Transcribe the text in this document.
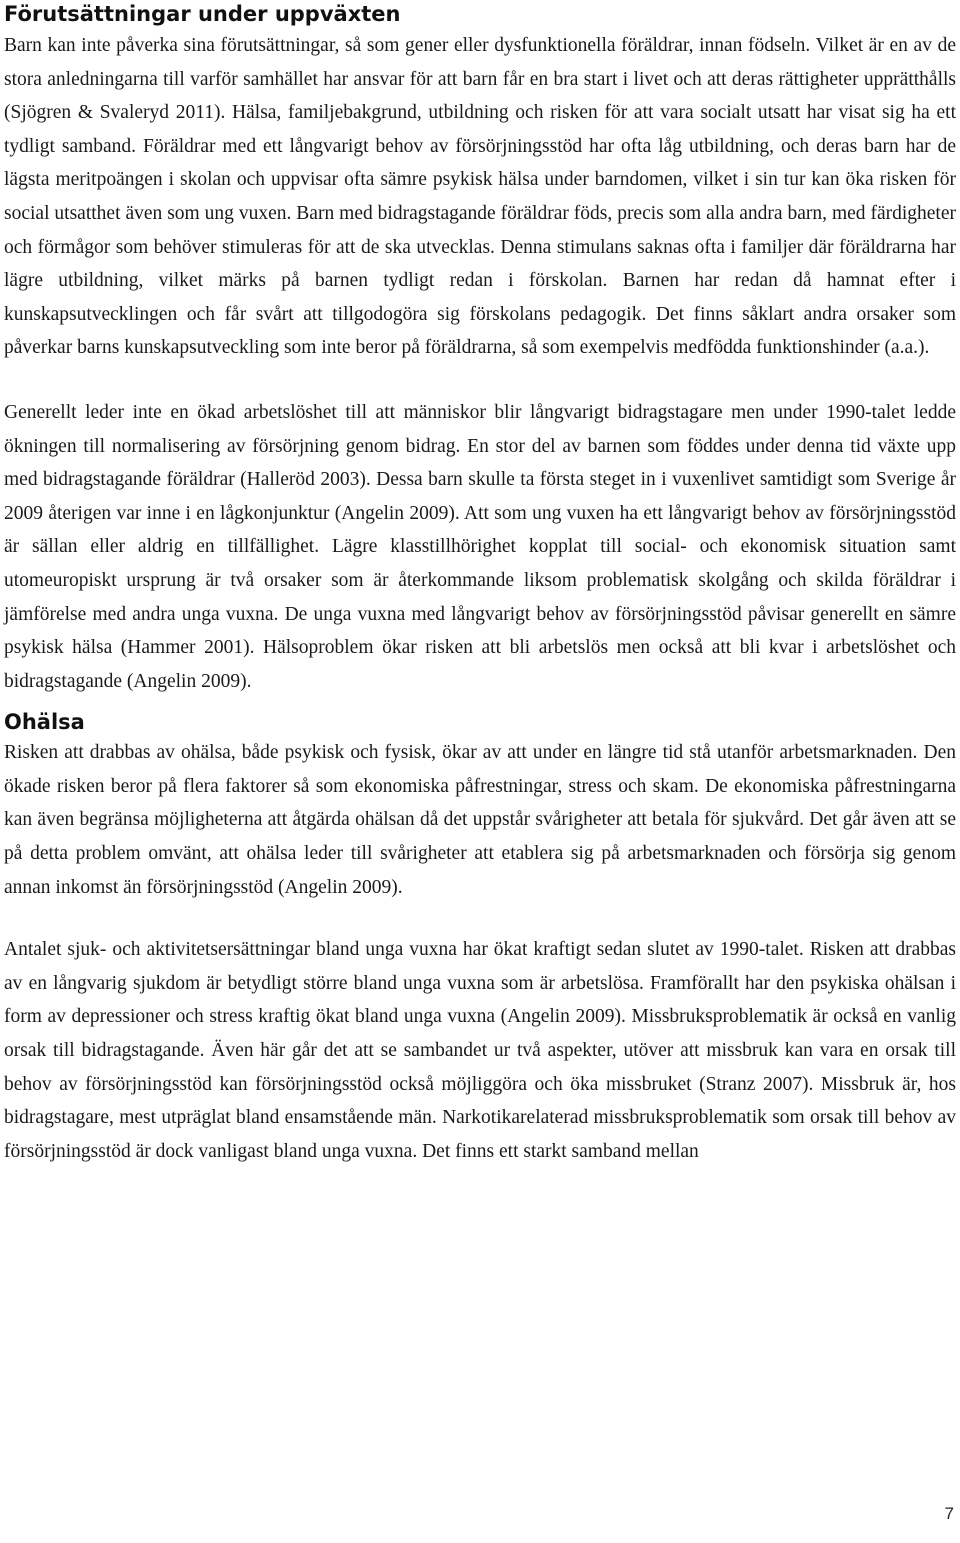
Förutsättningar under uppväxten

Barn kan inte påverka sina förutsättningar, så som gener eller dysfunktionella föräldrar, innan födseln. Vilket är en av de stora anledningarna till varför samhället har ansvar för att barn får en bra start i livet och att deras rättigheter upprätthålls (Sjögren & Svaleryd 2011). Hälsa, familjebakgrund, utbildning och risken för att vara socialt utsatt har visat sig ha ett tydligt samband. Föräldrar med ett långvarigt behov av försörjningsstöd har ofta låg utbildning, och deras barn har de lägsta meritpoängen i skolan och uppvisar ofta sämre psykisk hälsa under barndomen, vilket i sin tur kan öka risken för social utsatthet även som ung vuxen. Barn med bidragstagande föräldrar föds, precis som alla andra barn, med färdigheter och förmågor som behöver stimuleras för att de ska utvecklas. Denna stimulans saknas ofta i familjer där föräldrarna har lägre utbildning, vilket märks på barnen tydligt redan i förskolan. Barnen har redan då hamnat efter i kunskapsutvecklingen och får svårt att tillgodogöra sig förskolans pedagogik. Det finns såklart andra orsaker som påverkar barns kunskapsutveckling som inte beror på föräldrarna, så som exempelvis medfödda funktionshinder (a.a.).

Generellt leder inte en ökad arbetslöshet till att människor blir långvarigt bidragstagare men under 1990-talet ledde ökningen till normalisering av försörjning genom bidrag. En stor del av barnen som föddes under denna tid växte upp med bidragstagande föräldrar (Halleröd 2003). Dessa barn skulle ta första steget in i vuxenlivet samtidigt som Sverige år 2009 återigen var inne i en lågkonjunktur (Angelin 2009). Att som ung vuxen ha ett långvarigt behov av försörjningsstöd är sällan eller aldrig en tillfällighet. Lägre klasstillhörighet kopplat till social- och ekonomisk situation samt utomeuropiskt ursprung är två orsaker som är återkommande liksom problematisk skolgång och skilda föräldrar i jämförelse med andra unga vuxna. De unga vuxna med långvarigt behov av försörjningsstöd påvisar generellt en sämre psykisk hälsa (Hammer 2001). Hälsoproblem ökar risken att bli arbetslös men också att bli kvar i arbetslöshet och bidragstagande (Angelin 2009).

Ohälsa

Risken att drabbas av ohälsa, både psykisk och fysisk, ökar av att under en längre tid stå utanför arbetsmarknaden. Den ökade risken beror på flera faktorer så som ekonomiska påfrestningar, stress och skam. De ekonomiska påfrestningarna kan även begränsa möjligheterna att åtgärda ohälsan då det uppstår svårigheter att betala för sjukvård. Det går även att se på detta problem omvänt, att ohälsa leder till svårigheter att etablera sig på arbetsmarknaden och försörja sig genom annan inkomst än försörjningsstöd (Angelin 2009).

Antalet sjuk- och aktivitetsersättningar bland unga vuxna har ökat kraftigt sedan slutet av 1990-talet. Risken att drabbas av en långvarig sjukdom är betydligt större bland unga vuxna som är arbetslösa. Framförallt har den psykiska ohälsan i form av depressioner och stress kraftig ökat bland unga vuxna (Angelin 2009). Missbruksproblematik är också en vanlig orsak till bidragstagande. Även här går det att se sambandet ur två aspekter, utöver att missbruk kan vara en orsak till behov av försörjningsstöd kan försörjningsstöd också möjliggöra och öka missbruket (Stranz 2007). Missbruk är, hos bidragstagare, mest utpräglat bland ensamstående män. Narkotikarelaterad missbruksproblematik som orsak till behov av försörjningsstöd är dock vanligast bland unga vuxna. Det finns ett starkt samband mellan

7
